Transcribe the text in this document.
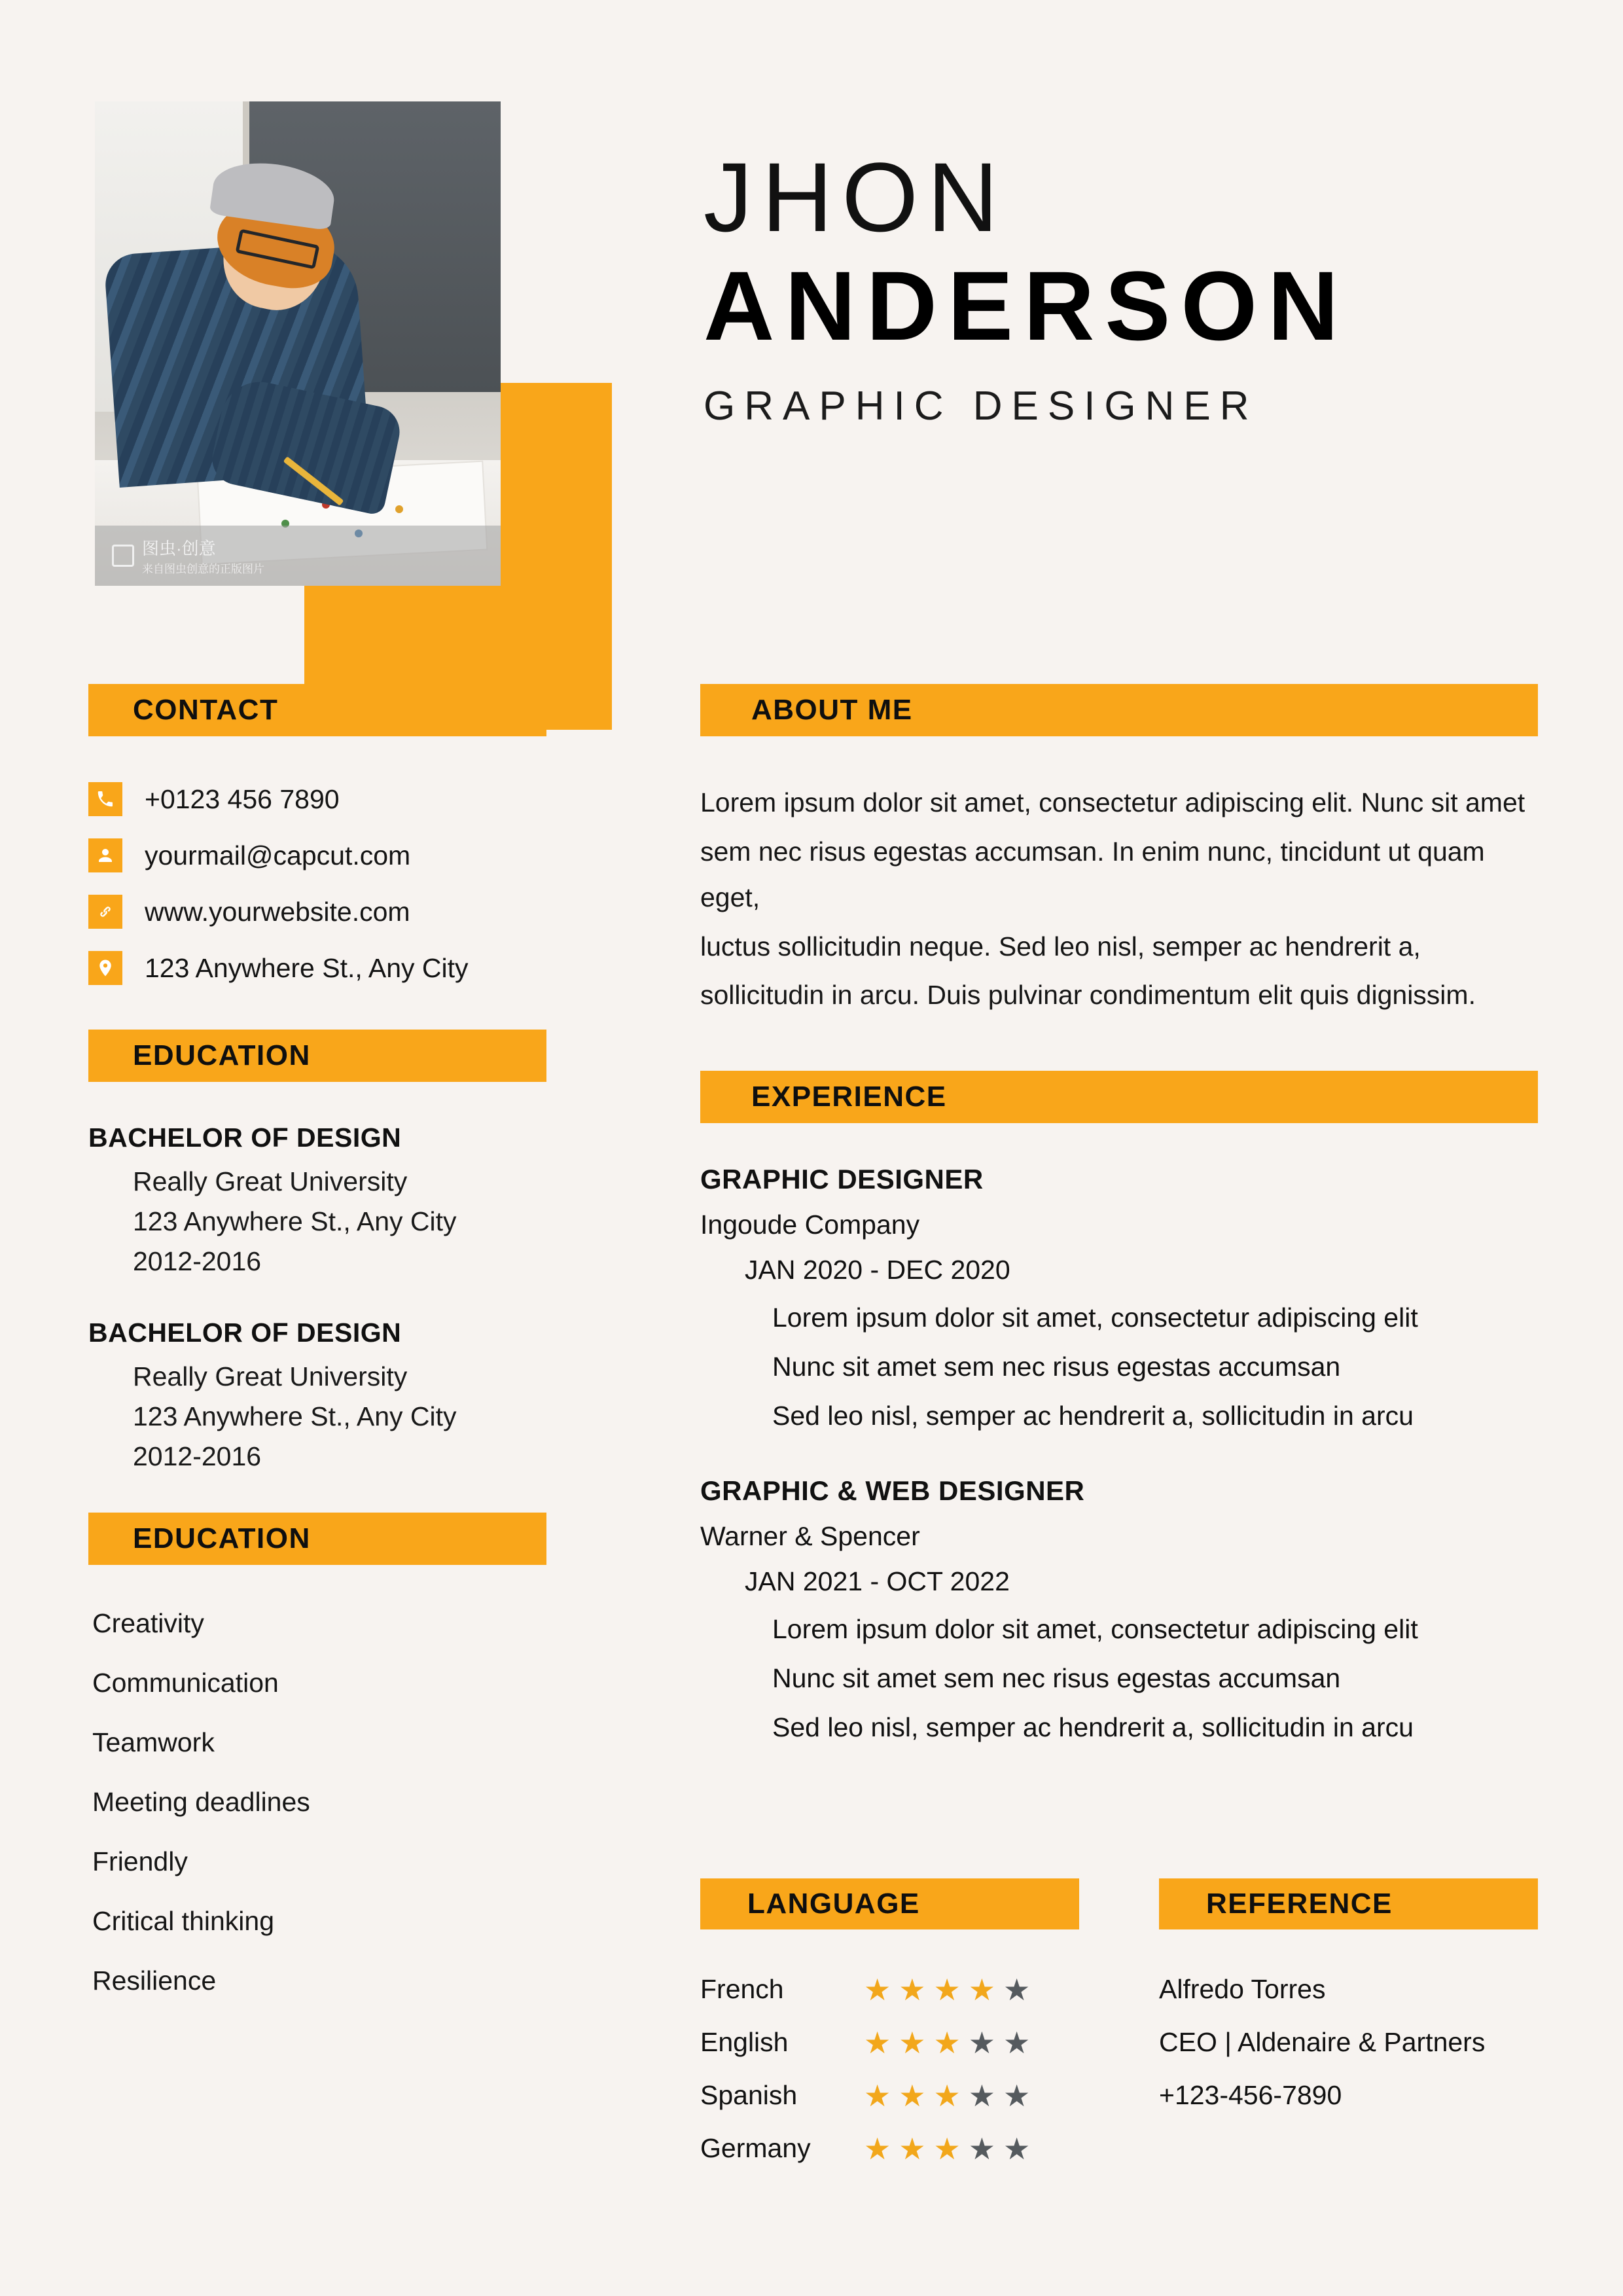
图虫·创意
来自图虫创意的正版图片
JHON
ANDERSON
GRAPHIC DESIGNER
CONTACT
+0123 456 7890
yourmail@capcut.com
www.yourwebsite.com
123 Anywhere St., Any City
EDUCATION
BACHELOR OF DESIGN
Really Great University
123 Anywhere St., Any City
2012-2016
BACHELOR OF DESIGN
Really Great University
123 Anywhere St., Any City
2012-2016
EDUCATION
Creativity
Communication
Teamwork
Meeting deadlines
Friendly
Critical thinking
Resilience
ABOUT ME

Lorem ipsum dolor sit amet, consectetur adipiscing elit. Nunc sit amet

sem nec risus egestas accumsan. In enim nunc, tincidunt ut quam eget,

luctus sollicitudin neque. Sed leo nisl, semper ac hendrerit a,

sollicitudin in arcu. Duis pulvinar condimentum elit quis dignissim.

EXPERIENCE
GRAPHIC DESIGNER
Ingoude Company
JAN 2020 - DEC 2020
Lorem ipsum dolor sit amet, consectetur adipiscing elit
Nunc sit amet sem nec risus egestas accumsan
Sed leo nisl, semper ac hendrerit a, sollicitudin in arcu
GRAPHIC & WEB DESIGNER
Warner & Spencer
JAN 2021 - OCT 2022
Lorem ipsum dolor sit amet, consectetur adipiscing elit
Nunc sit amet sem nec risus egestas accumsan
Sed leo nisl, semper ac hendrerit a, sollicitudin in arcu
LANGUAGE
French	★ ★ ★ ★ ★
English	★ ★ ★ ★ ★
Spanish	★ ★ ★ ★ ★
Germany	★ ★ ★ ★ ★
REFERENCE
Alfredo Torres
CEO | Aldenaire & Partners
+123-456-7890
